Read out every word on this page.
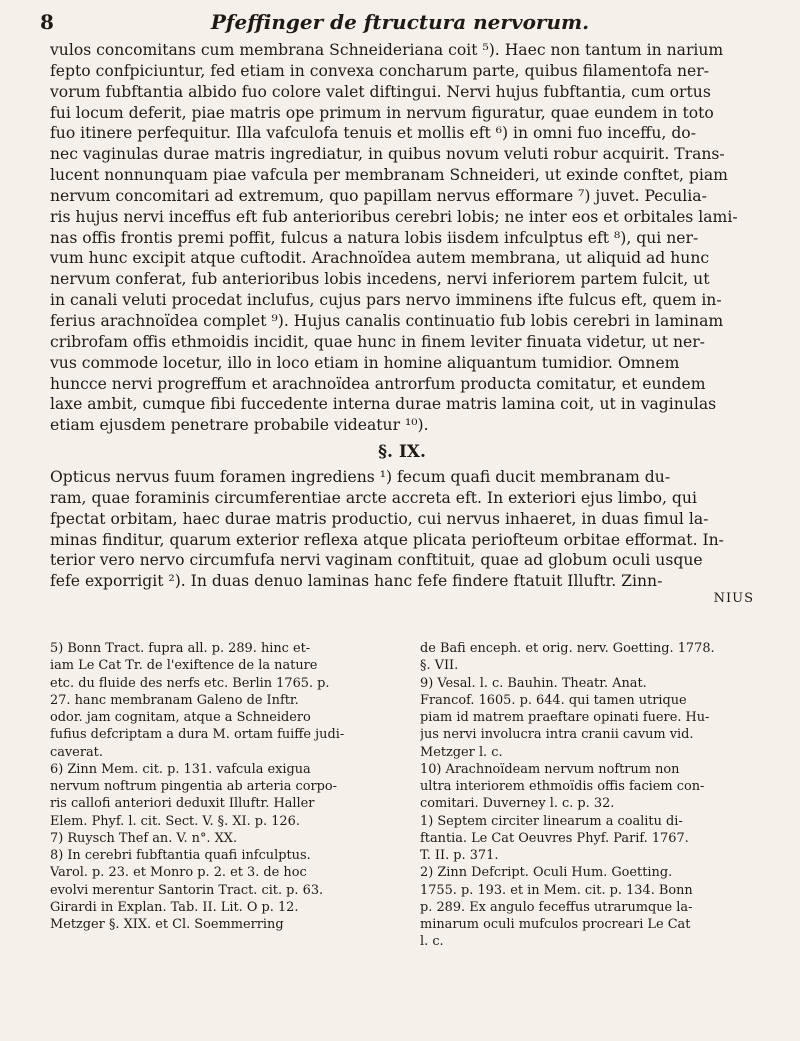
8	Pfeffinger de ftructura nervorum.
vulos concomitans cum membrana Schneideriana coit ⁵). Haec non tantum in narium
fepto confpiciuntur, fed etiam in convexa concharum parte, quibus filamentofa ner-
vorum fubftantia albido fuo colore valet diftingui. Nervi hujus fubftantia, cum ortus
fui locum deferit, piae matris ope primum in nervum figuratur, quae eundem in toto
fuo itinere perfequitur. Illa vafculofa tenuis et mollis eft ⁶) in omni fuo inceffu, do-
nec vaginulas durae matris ingrediatur, in quibus novum veluti robur acquirit. Trans-
lucent nonnunquam piae vafcula per membranam Schneideri, ut exinde conftet, piam
nervum concomitari ad extremum, quo papillam nervus efformare ⁷) juvet. Peculia-
ris hujus nervi inceffus eft fub anterioribus cerebri lobis; ne inter eos et orbitales lami-
nas offis frontis premi poffit, fulcus a natura lobis iisdem infculptus eft ⁸), qui ner-
vum hunc excipit atque cuftodit. Arachnoïdea autem membrana, ut aliquid ad hunc
nervum conferat, fub anterioribus lobis incedens, nervi inferiorem partem fulcit, ut
in canali veluti procedat inclufus, cujus pars nervo imminens ifte fulcus eft, quem in-
ferius arachnoïdea complet ⁹). Hujus canalis continuatio fub lobis cerebri in laminam
cribrofam offis ethmoidis incidit, quae hunc in finem leviter finuata videtur, ut ner-
vus commode locetur, illo in loco etiam in homine aliquantum tumidior. Omnem
huncce nervi progreffum et arachnoïdea antrorfum producta comitatur, et eundem
laxe ambit, cumque fibi fuccedente interna durae matris lamina coit, ut in vaginulas
etiam ejusdem penetrare probabile videatur ¹⁰).
§. IX.
Opticus nervus fuum foramen ingrediens ¹) fecum quafi ducit membranam du-
ram, quae foraminis circumferentiae arcte accreta eft. In exteriori ejus limbo, qui
fpectat orbitam, haec durae matris productio, cui nervus inhaeret, in duas fimul la-
minas finditur, quarum exterior reflexa atque plicata periofteum orbitae efformat. In-
terior vero nervo circumfufa nervi vaginam conftituit, quae ad globum oculi usque
fefe exporrigit ²). In duas denuo laminas hanc fefe findere ftatuit Illuftr. Zinn-
NIUS
5) Bonn Tract. fupra all. p. 289. hinc et-
iam Le Cat Tr. de l'exiftence de la nature
etc. du fluide des nerfs etc. Berlin 1765. p.
27. hanc membranam Galeno de Inftr.
odor. jam cognitam, atque a Schneidero
fufius defcriptam a dura M. ortam fuiffe judi-
caverat.
6) Zinn Mem. cit. p. 131. vafcula exigua
nervum noftrum pingentia ab arteria corpo-
ris callofi anteriori deduxit Illuftr. Haller
Elem. Phyf. l. cit. Sect. V. §. XI. p. 126.
7) Ruysch Thef an. V. n°. XX.
8) In cerebri fubftantia quafi infculptus.
Varol. p. 23. et Monro p. 2. et 3. de hoc
evolvi merentur Santorin Tract. cit. p. 63.
Girardi in Explan. Tab. II. Lit. O p. 12.
Metzger §. XIX. et Cl. Soemmerring
de Bafi enceph. et orig. nerv. Goetting. 1778.
§. VII.
9) Vesal. l. c. Bauhin. Theatr. Anat.
Francof. 1605. p. 644. qui tamen utrique
piam id matrem praeftare opinati fuere. Hu-
jus nervi involucra intra cranii cavum vid.
Metzger l. c.
10) Arachnoïdeam nervum noftrum non
ultra interiorem ethmoïdis offis faciem con-
comitari. Duverney l. c. p. 32.
1) Septem circiter linearum a coalitu di-
ftantia. Le Cat Oeuvres Phyf. Parif. 1767.
T. II. p. 371.
2) Zinn Defcript. Oculi Hum. Goetting.
1755. p. 193. et in Mem. cit. p. 134. Bonn
p. 289. Ex angulo feceffus utrarumque la-
minarum oculi mufculos procreari Le Cat
l. c.
